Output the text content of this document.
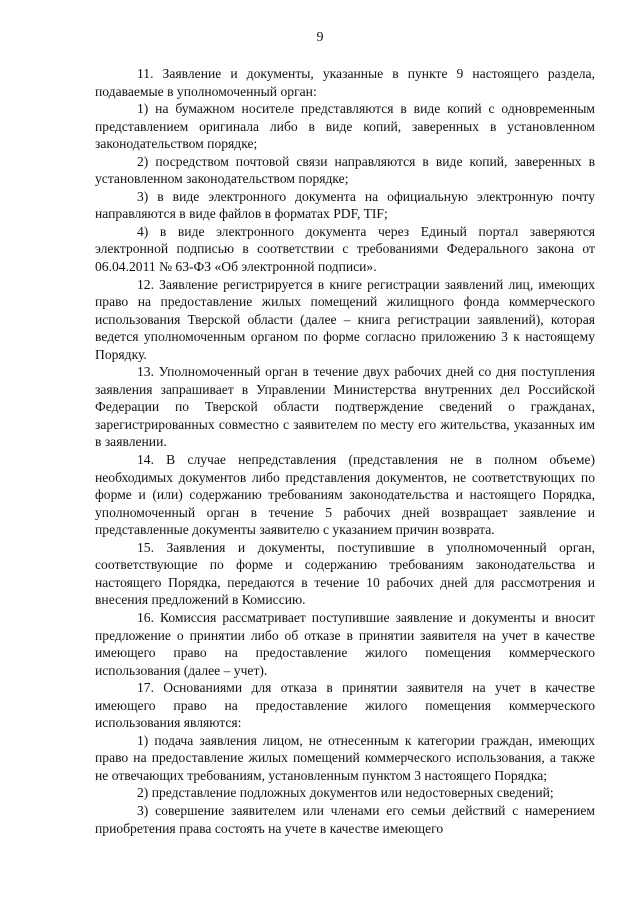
9

11. Заявление и документы, указанные в пункте 9 настоящего раздела, подаваемые в уполномоченный орган:

1) на бумажном носителе представляются в виде копий с одновременным представлением оригинала либо в виде копий, заверенных в установленном законодательством порядке;

2) посредством почтовой связи направляются в виде копий, заверенных в установленном законодательством порядке;

3) в виде электронного документа на официальную электронную почту направляются в виде файлов в форматах PDF, TIF;

4) в виде электронного документа через Единый портал заверяются электронной подписью в соответствии с требованиями Федерального закона от 06.04.2011 № 63-ФЗ «Об электронной подписи».

12. Заявление регистрируется в книге регистрации заявлений лиц, имеющих право на предоставление жилых помещений жилищного фонда коммерческого использования Тверской области (далее – книга регистрации заявлений), которая ведется уполномоченным органом по форме согласно приложению 3 к настоящему Порядку.

13. Уполномоченный орган в течение двух рабочих дней со дня поступления заявления запрашивает в Управлении Министерства внутренних дел Российской Федерации по Тверской области подтверждение сведений о гражданах, зарегистрированных совместно с заявителем по месту его жительства, указанных им в заявлении.

14. В случае непредставления (представления не в полном объеме) необходимых документов либо представления документов, не соответствующих по форме и (или) содержанию требованиям законодательства и настоящего Порядка, уполномоченный орган в течение 5 рабочих дней возвращает заявление и представленные документы заявителю с указанием причин возврата.

15. Заявления и документы, поступившие в уполномоченный орган, соответствующие по форме и содержанию требованиям законодательства и настоящего Порядка, передаются в течение 10 рабочих дней для рассмотрения и внесения предложений в Комиссию.

16. Комиссия рассматривает поступившие заявление и документы и вносит предложение о принятии либо об отказе в принятии заявителя на учет в качестве имеющего право на предоставление жилого помещения коммерческого использования (далее – учет).

17. Основаниями для отказа в принятии заявителя на учет в качестве имеющего право на предоставление жилого помещения коммерческого использования являются:

1) подача заявления лицом, не отнесенным к категории граждан, имеющих право на предоставление жилых помещений коммерческого использования, а также не отвечающих требованиям, установленным пунктом 3 настоящего Порядка;

2) представление подложных документов или недостоверных сведений;

3) совершение заявителем или членами его семьи действий с намерением приобретения права состоять на учете в качестве имеющего
